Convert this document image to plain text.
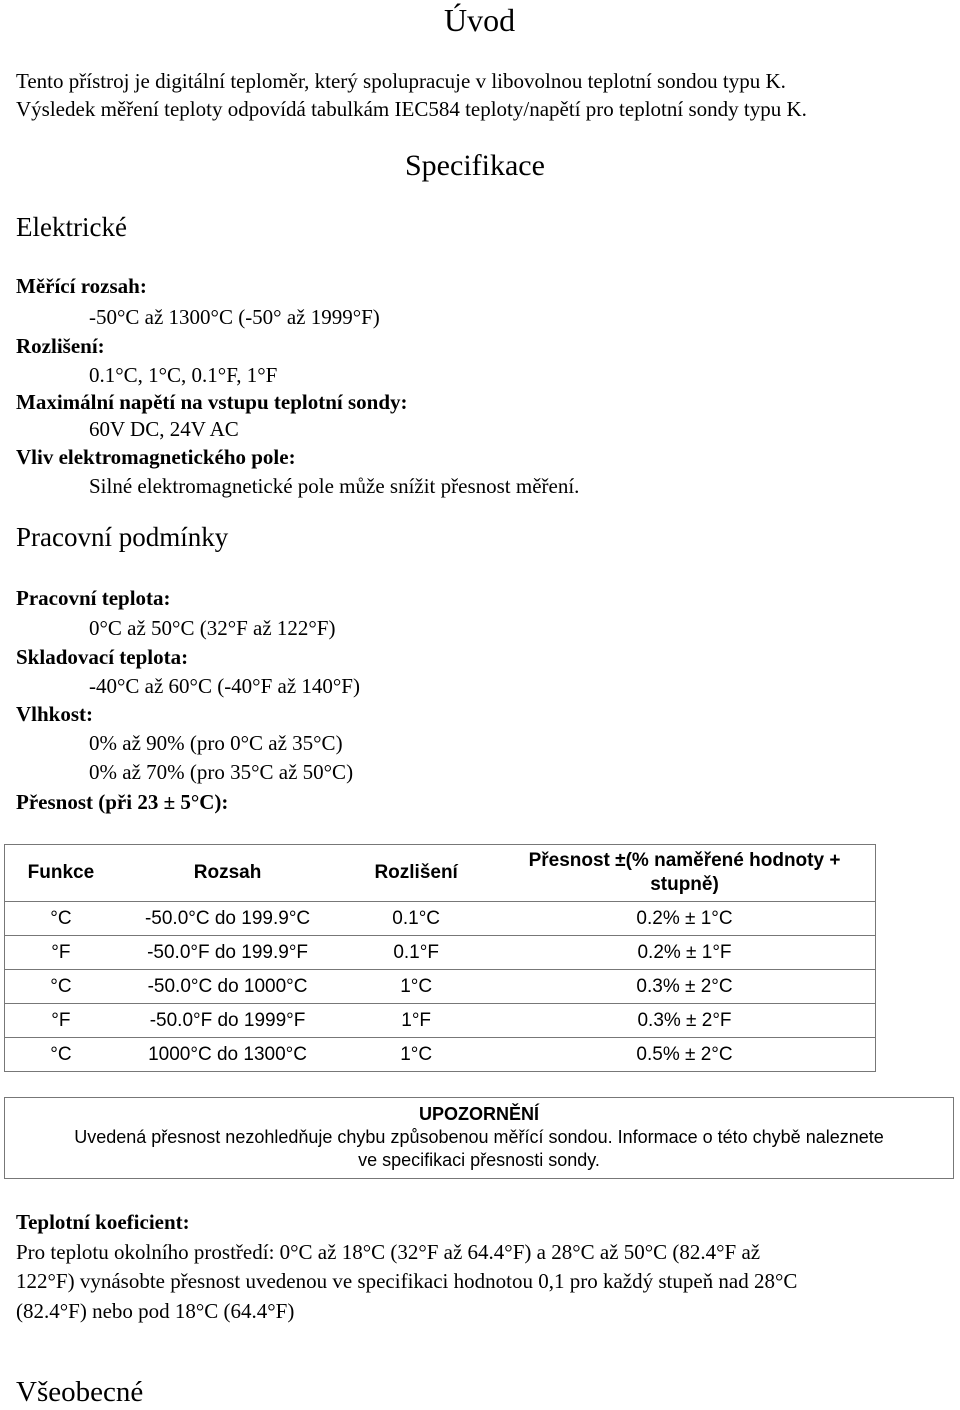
Úvod
Tento přístroj je digitální teploměr, který spolupracuje v libovolnou teplotní sondou typu K.
Výsledek měření teploty odpovídá tabulkám IEC584 teploty/napětí pro teplotní sondy typu K.
Specifikace
Elektrické
Měřící rozsah:
-50°C až 1300°C (-50° až 1999°F)
Rozlišení:
0.1°C, 1°C, 0.1°F, 1°F
Maximální napětí na vstupu teplotní sondy:
60V DC, 24V AC
Vliv elektromagnetického pole:
Silné elektromagnetické pole může snížit přesnost měření.
Pracovní podmínky
Pracovní teplota:
0°C až 50°C (32°F až 122°F)
Skladovací teplota:
-40°C až 60°C (-40°F až 140°F)
Vlhkost:
0% až 90% (pro 0°C až 35°C)
0% až 70% (pro 35°C až 50°C)
Přesnost (při 23 ± 5°C):
Funkce	Rozsah	Rozlišení	Přesnost ±(% naměřené hodnoty + stupně)
°C	-50.0°C do 199.9°C	0.1°C	0.2% ± 1°C
°F	-50.0°F do 199.9°F	0.1°F	0.2% ± 1°F
°C	-50.0°C do 1000°C	1°C	0.3% ± 2°C
°F	-50.0°F do 1999°F	1°F	0.3% ± 2°F
°C	1000°C do 1300°C	1°C	0.5% ± 2°C
UPOZORNĚNÍ
Uvedená přesnost nezohledňuje chybu způsobenou měřící sondou. Informace o této chybě naleznete
ve specifikaci přesnosti sondy.
Teplotní koeficient:
Pro teplotu okolního prostředí: 0°C až 18°C (32°F až 64.4°F) a 28°C až 50°C (82.4°F až
122°F) vynásobte přesnost uvedenou ve specifikaci hodnotou 0,1 pro každý stupeň nad 28°C
(82.4°F) nebo pod 18°C (64.4°F)
Všeobecné
